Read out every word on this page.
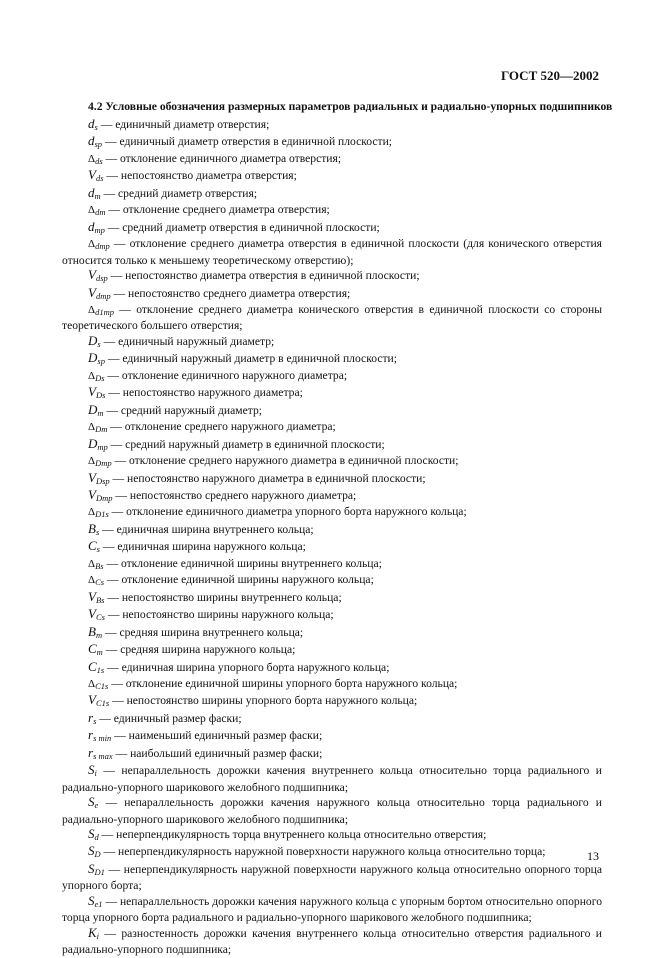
ГОСТ 520—2002
4.2 Условные обозначения размерных параметров радиальных и радиально-упорных подшипников
$d_s$ — единичный диаметр отверстия;
$d_{sp}$ — единичный диаметр отверстия в единичной плоскости;
$\Delta_{ds}$ — отклонение единичного диаметра отверстия;
$V_{ds}$ — непостоянство диаметра отверстия;
$d_m$ — средний диаметр отверстия;
$\Delta_{dm}$ — отклонение среднего диаметра отверстия;
$d_{mp}$ — средний диаметр отверстия в единичной плоскости;
$\Delta_{dmp}$ — отклонение среднего диаметра отверстия в единичной плоскости (для конического отверстия относится только к меньшему теоретическому отверстию);
$V_{dsp}$ — непостоянство диаметра отверстия в единичной плоскости;
$V_{dmp}$ — непостоянство среднего диаметра отверстия;
$\Delta_{d1mp}$ — отклонение среднего диаметра конического отверстия в единичной плоскости со стороны теоретического большего отверстия;
$D_s$ — единичный наружный диаметр;
$D_{sp}$ — единичный наружный диаметр в единичной плоскости;
$\Delta_{Ds}$ — отклонение единичного наружного диаметра;
$V_{Ds}$ — непостоянство наружного диаметра;
$D_m$ — средний наружный диаметр;
$\Delta_{Dm}$ — отклонение среднего наружного диаметра;
$D_{mp}$ — средний наружный диаметр в единичной плоскости;
$\Delta_{Dmp}$ — отклонение среднего наружного диаметра в единичной плоскости;
$V_{Dsp}$ — непостоянство наружного диаметра в единичной плоскости;
$V_{Dmp}$ — непостоянство среднего наружного диаметра;
$\Delta_{D1s}$ — отклонение единичного диаметра упорного борта наружного кольца;
$B_s$ — единичная ширина внутреннего кольца;
$C_s$ — единичная ширина наружного кольца;
$\Delta_{Bs}$ — отклонение единичной ширины внутреннего кольца;
$\Delta_{Cs}$ — отклонение единичной ширины наружного кольца;
$V_{Bs}$ — непостоянство ширины внутреннего кольца;
$V_{Cs}$ — непостоянство ширины наружного кольца;
$B_m$ — средняя ширина внутреннего кольца;
$C_m$ — средняя ширина наружного кольца;
$C_{1s}$ — единичная ширина упорного борта наружного кольца;
$\Delta_{C1s}$ — отклонение единичной ширины упорного борта наружного кольца;
$V_{C1s}$ — непостоянство ширины упорного борта наружного кольца;
$r_s$ — единичный размер фаски;
$r_{s min}$ — наименьший единичный размер фаски;
$r_{s max}$ — наибольший единичный размер фаски;
$S_i$ — непараллельность дорожки качения внутреннего кольца относительно торца радиального и радиально-упорного шарикового желобного подшипника;
$S_e$ — непараллельность дорожки качения наружного кольца относительно торца радиального и радиально-упорного шарикового желобного подшипника;
$S_d$ — неперпендикулярность торца внутреннего кольца относительно отверстия;
$S_D$ — неперпендикулярность наружной поверхности наружного кольца относительно торца;
$S_{D1}$ — неперпендикулярность наружной поверхности наружного кольца относительно опорного торца упорного борта;
$S_{e1}$ — непараллельность дорожки качения наружного кольца с упорным бортом относительно опорного торца упорного борта радиального и радиально-упорного шарикового желобного подшипника;
$K_i$ — разностенность дорожки качения внутреннего кольца относительно отверстия радиального и радиально-упорного подшипника;
13
